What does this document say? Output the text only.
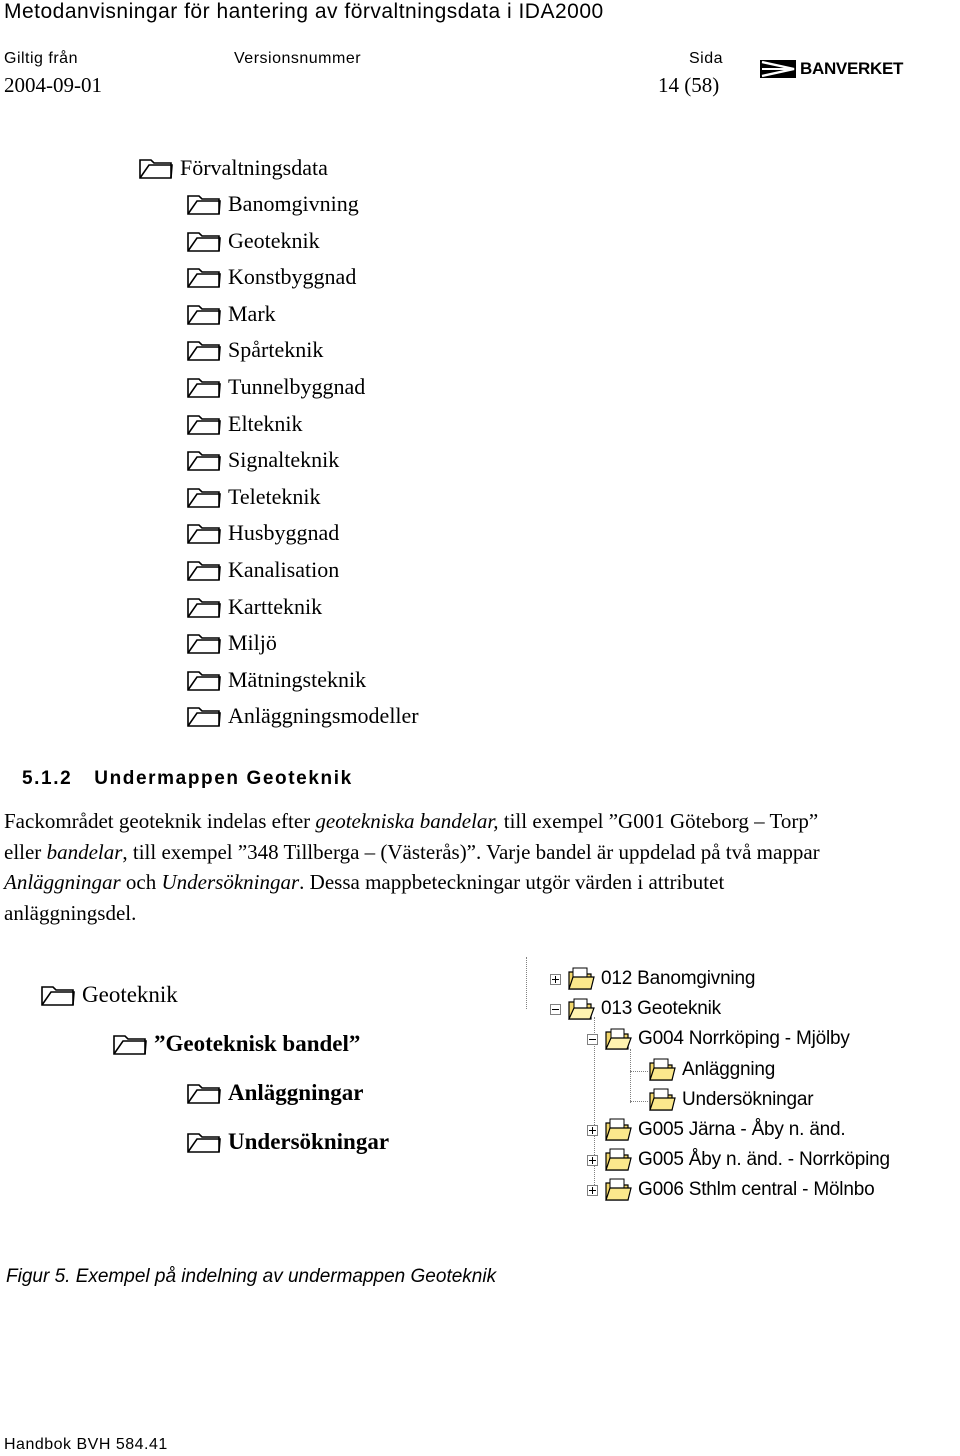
Metodanvisningar för hantering av förvaltningsdata i IDA2000
Giltig från	Versionsnummer	Sida
2004-09-01	14 (58)
BANVERKET
Förvaltningsdata
Banomgivning
Geoteknik
Konstbyggnad
Mark
Spårteknik
Tunnelbyggnad
Elteknik
Signalteknik
Teleteknik
Husbyggnad
Kanalisation
Kartteknik
Miljö
Mätningsteknik
Anläggningsmodeller
5.1.2 Undermappen Geoteknik

Fackområdet geoteknik indelas efter geotekniska bandelar, till exempel ”G001 Göteborg – Torp”

eller bandelar, till exempel ”348 Tillberga – (Västerås)”. Varje bandel är uppdelad på två mappar

Anläggningar och Undersökningar. Dessa mappbeteckningar utgör värden i attributet

anläggningsdel.

Geoteknik
”Geoteknisk bandel”
Anläggningar
Undersökningar
012 Banomgivning
013 Geoteknik
G004 Norrköping - Mjölby
Anläggning
Undersökningar
G005 Järna - Åby n. änd.
G005 Åby n. änd. - Norrköping
G006 Sthlm central - Mölnbo
Figur 5. Exempel på indelning av undermappen Geoteknik
Handbok BVH 584.41
